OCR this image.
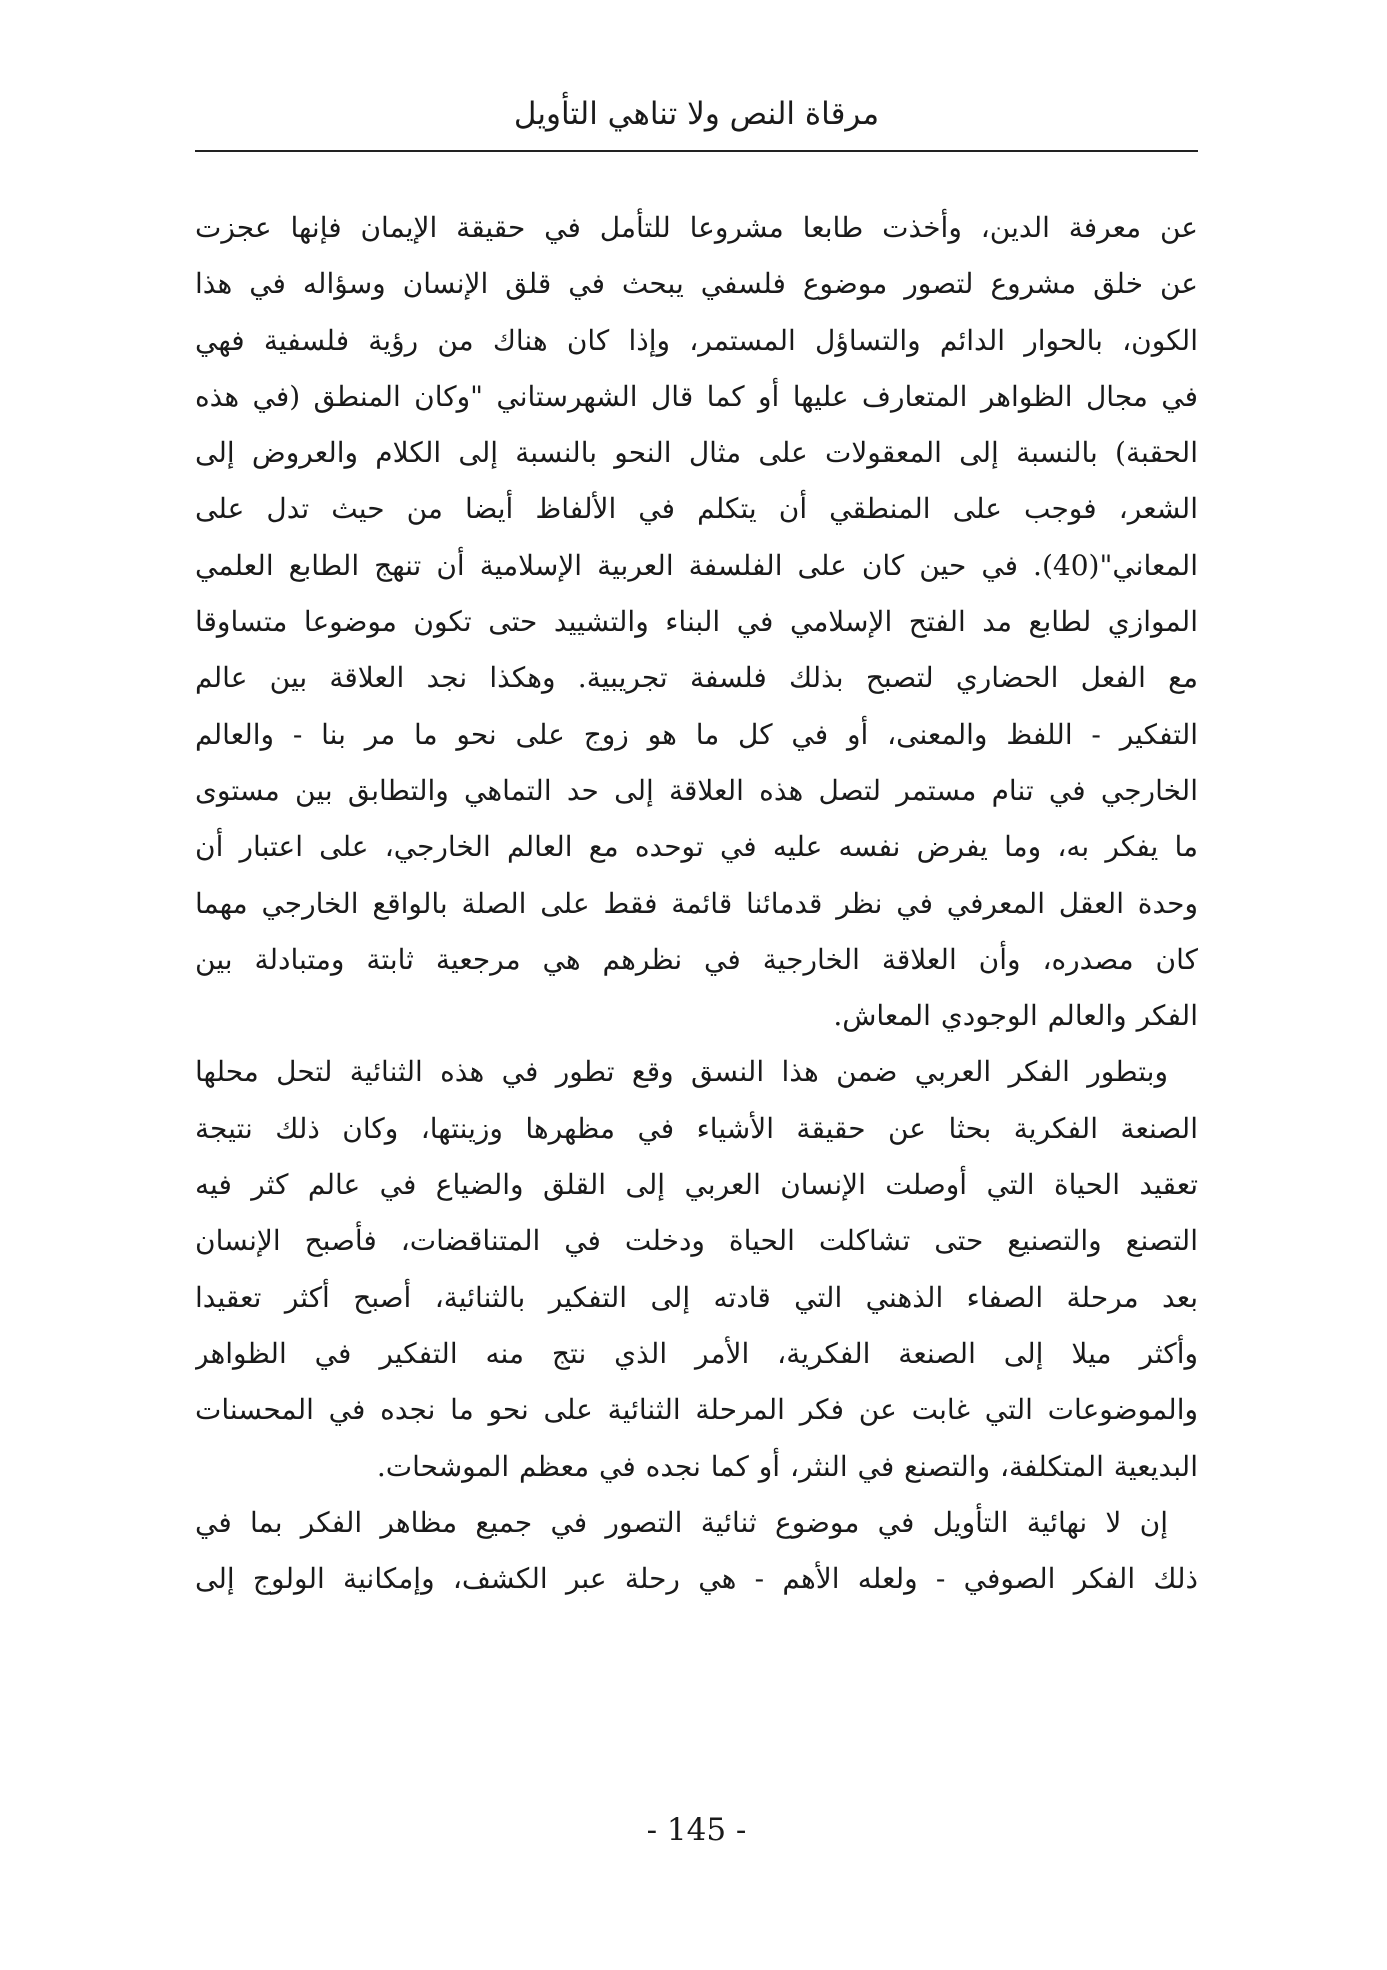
مرقاة النص ولا تناهي التأويل
عن معرفة الدين، وأخذت طابعا مشروعا للتأمل في حقيقة الإيمان فإنها عجزت
عن خلق مشروع لتصور موضوع فلسفي يبحث في قلق الإنسان وسؤاله في هذا
الكون، بالحوار الدائم والتساؤل المستمر، وإذا كان هناك من رؤية فلسفية فهي
في مجال الظواهر المتعارف عليها أو كما قال الشهرستاني "وكان المنطق (في هذه
الحقبة) بالنسبة إلى المعقولات على مثال النحو بالنسبة إلى الكلام والعروض إلى
الشعر، فوجب على المنطقي أن يتكلم في الألفاظ أيضا من حيث تدل على
المعاني"(40). في حين كان على الفلسفة العربية الإسلامية أن تنهج الطابع العلمي
الموازي لطابع مد الفتح الإسلامي في البناء والتشييد حتى تكون موضوعا متساوقا
مع الفعل الحضاري لتصبح بذلك فلسفة تجريبية. وهكذا نجد العلاقة بين عالم
التفكير - اللفظ والمعنى، أو في كل ما هو زوج على نحو ما مر بنا - والعالم
الخارجي في تنام مستمر لتصل هذه العلاقة إلى حد التماهي والتطابق بين مستوى
ما يفكر به، وما يفرض نفسه عليه في توحده مع العالم الخارجي، على اعتبار أن
وحدة العقل المعرفي في نظر قدمائنا قائمة فقط على الصلة بالواقع الخارجي مهما
كان مصدره، وأن العلاقة الخارجية في نظرهم هي مرجعية ثابتة ومتبادلة بين
الفكر والعالم الوجودي المعاش.
وبتطور الفكر العربي ضمن هذا النسق وقع تطور في هذه الثنائية لتحل محلها
الصنعة الفكرية بحثا عن حقيقة الأشياء في مظهرها وزينتها، وكان ذلك نتيجة
تعقيد الحياة التي أوصلت الإنسان العربي إلى القلق والضياع في عالم كثر فيه
التصنع والتصنيع حتى تشاكلت الحياة ودخلت في المتناقضات، فأصبح الإنسان
بعد مرحلة الصفاء الذهني التي قادته إلى التفكير بالثنائية، أصبح أكثر تعقيدا
وأكثر ميلا إلى الصنعة الفكرية، الأمر الذي نتج منه التفكير في الظواهر
والموضوعات التي غابت عن فكر المرحلة الثنائية على نحو ما نجده في المحسنات
البديعية المتكلفة، والتصنع في النثر، أو كما نجده في معظم الموشحات.
إن لا نهائية التأويل في موضوع ثنائية التصور في جميع مظاهر الفكر بما في
ذلك الفكر الصوفي - ولعله الأهم - هي رحلة عبر الكشف، وإمكانية الولوج إلى
- 145 -
